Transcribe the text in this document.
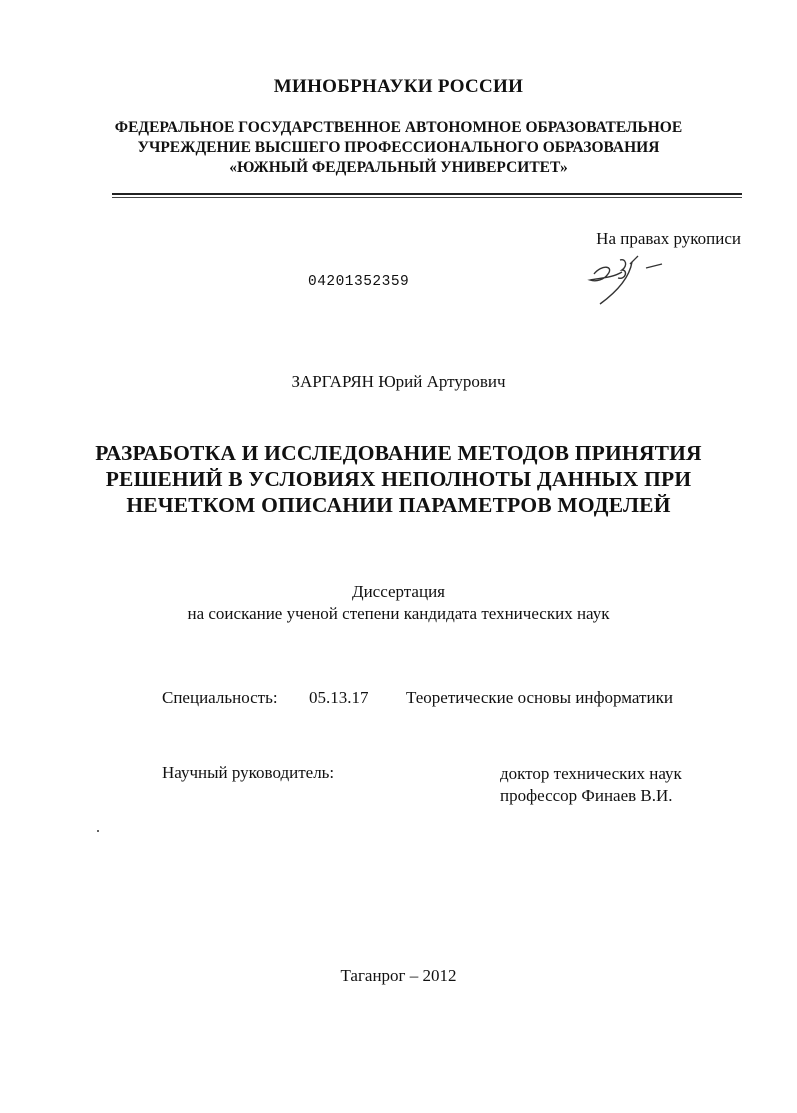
МИНОБРНАУКИ РОССИИ
ФЕДЕРАЛЬНОЕ ГОСУДАРСТВЕННОЕ АВТОНОМНОЕ ОБРАЗОВАТЕЛЬНОЕ
УЧРЕЖДЕНИЕ ВЫСШЕГО ПРОФЕССИОНАЛЬНОГО ОБРАЗОВАНИЯ
«ЮЖНЫЙ ФЕДЕРАЛЬНЫЙ УНИВЕРСИТЕТ»
На правах рукописи
04201352359
ЗАРГАРЯН Юрий Артурович
РАЗРАБОТКА И ИССЛЕДОВАНИЕ МЕТОДОВ ПРИНЯТИЯ
РЕШЕНИЙ В УСЛОВИЯХ НЕПОЛНОТЫ ДАННЫХ ПРИ
НЕЧЕТКОМ ОПИСАНИИ ПАРАМЕТРОВ МОДЕЛЕЙ
Диссертация
на соискание ученой степени кандидата технических наук
Специальность: 05.13.17 Теоретические основы информатики
Научный руководитель:	доктор технических наук
профессор Финаев В.И.
Таганрог – 2012
